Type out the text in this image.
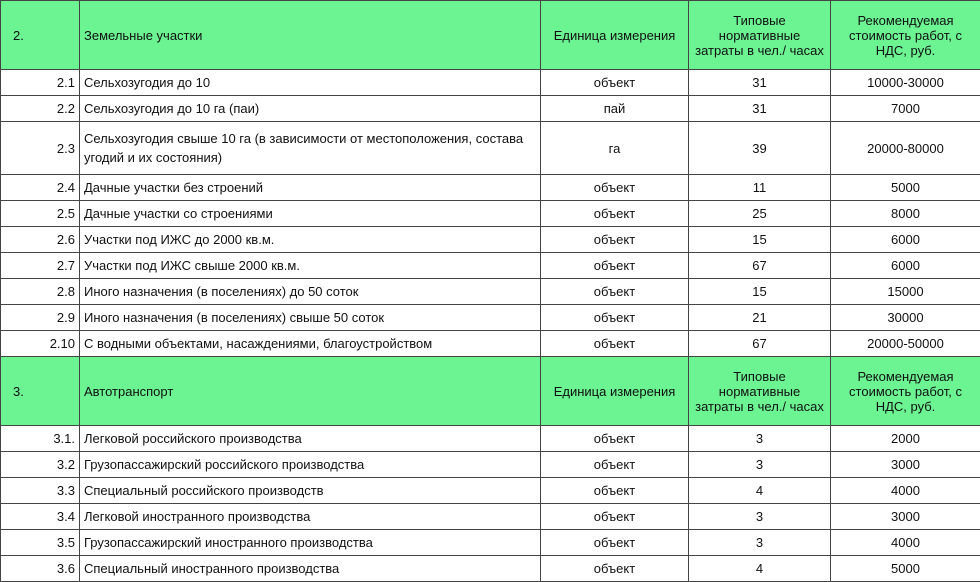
2.	Земельные участки	Единица измерения	Типовые нормативные затраты в чел./ часах	Рекомендуемая стоимость работ, с НДС, руб.
2.1	Сельхозугодия до 10	объект	31	10000-30000
2.2	Сельхозугодия до 10 га (паи)	пай	31	7000
2.3	Сельхозугодия свыше 10 га (в зависимости от местоположения, состава угодий и их состояния)	га	39	20000-80000
2.4	Дачные участки без строений	объект	11	5000
2.5	Дачные участки со строениями	объект	25	8000
2.6	Участки под ИЖС до 2000 кв.м.	объект	15	6000
2.7	Участки под ИЖС свыше 2000 кв.м.	объект	67	6000
2.8	Иного назначения (в поселениях) до 50 соток	объект	15	15000
2.9	Иного назначения (в поселениях) свыше 50 соток	объект	21	30000
2.10	С водными объектами, насаждениями, благоустройством	объект	67	20000-50000
3.	Автотранспорт	Единица измерения	Типовые нормативные затраты в чел./ часах	Рекомендуемая стоимость работ, с НДС, руб.
3.1.	Легковой российского производства	объект	3	2000
3.2	Грузопассажирский российского производства	объект	3	3000
3.3	Специальный российского производств	объект	4	4000
3.4	Легковой иностранного производства	объект	3	3000
3.5	Грузопассажирский иностранного производства	объект	3	4000
3.6	Специальный иностранного производства	объект	4	5000
